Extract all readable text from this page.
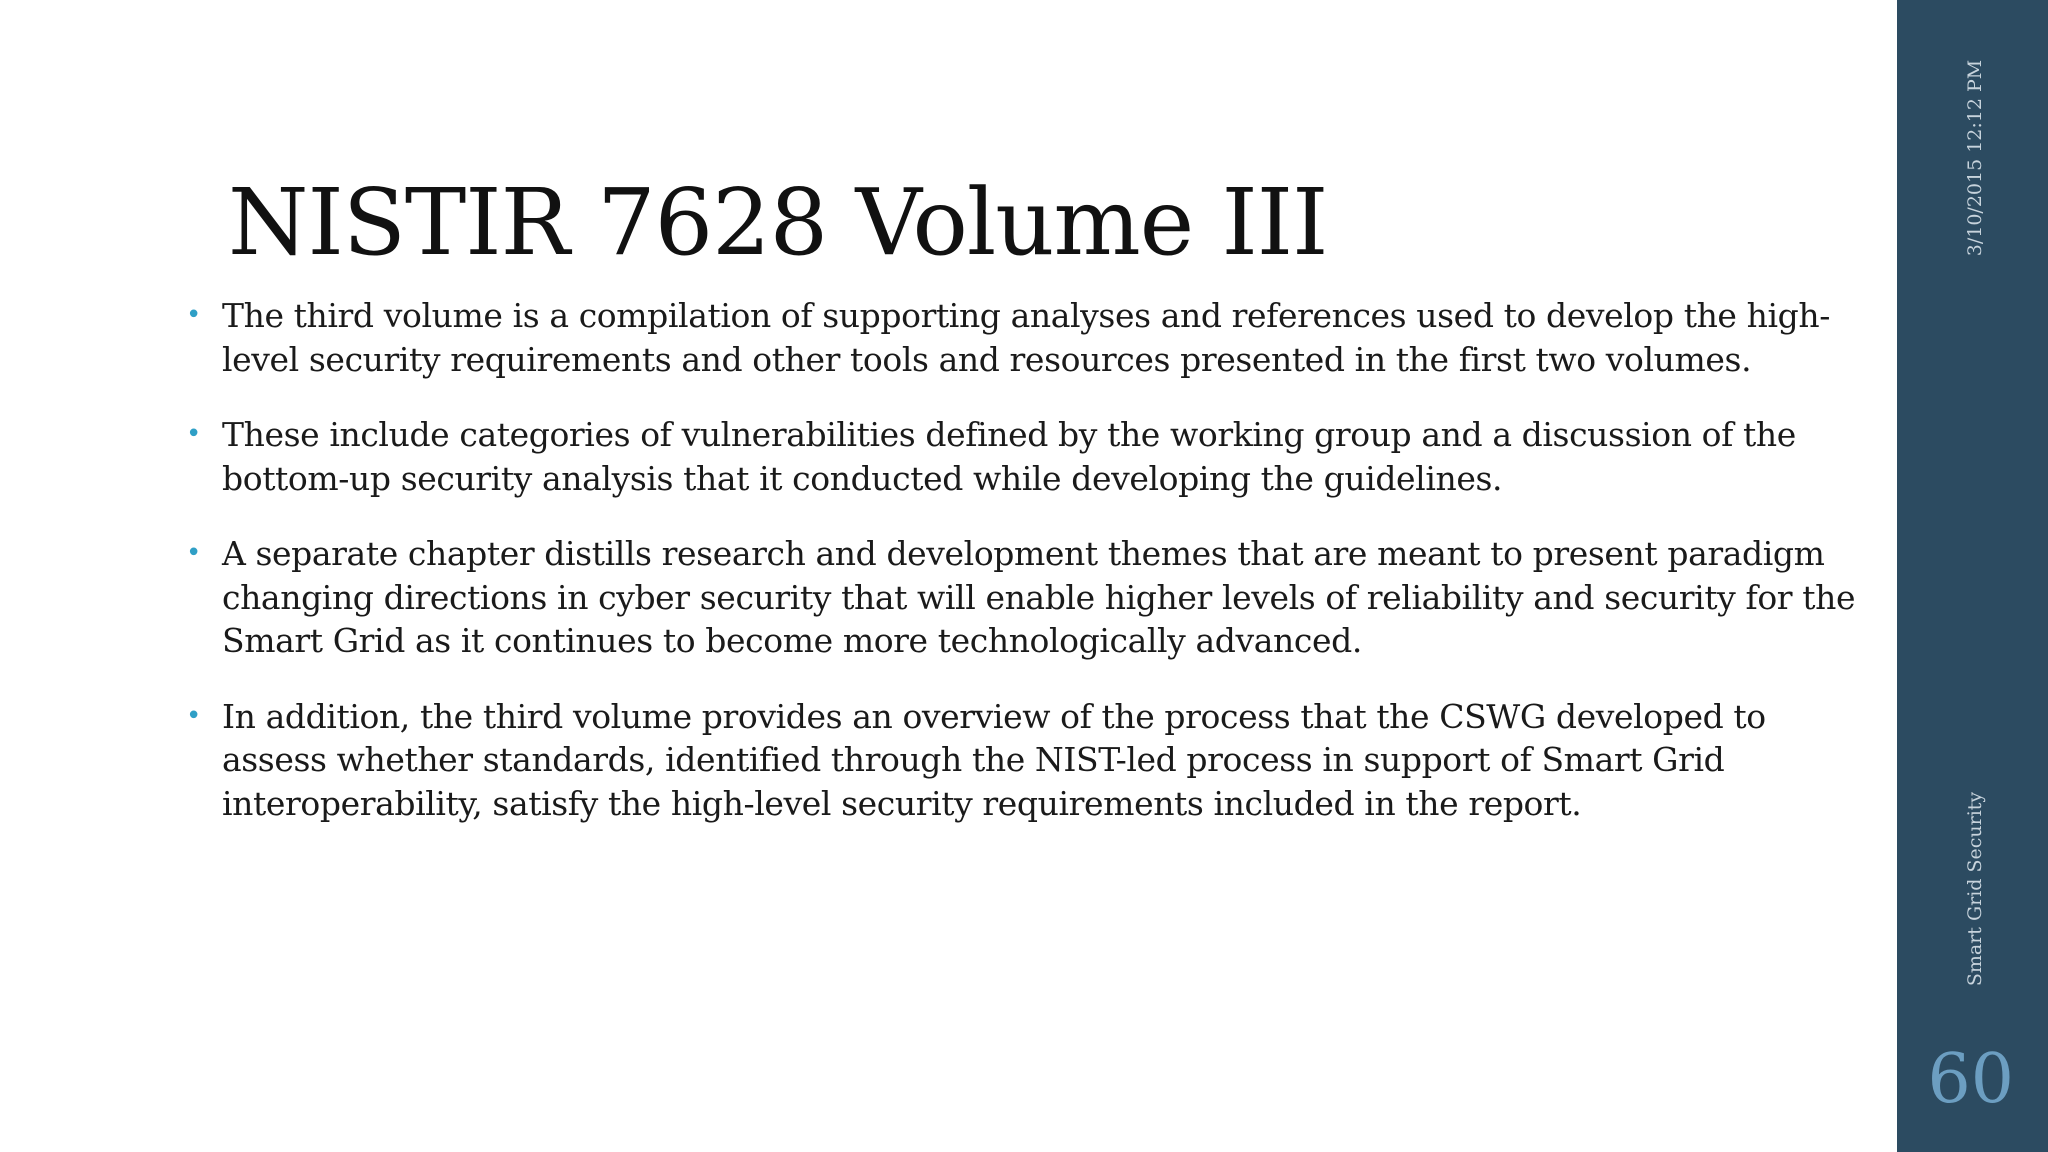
NISTIR 7628 Volume III
• The third volume is a compilation of supporting analyses and references used to develop the high-level security requirements and other tools and resources presented in the first two volumes.
• These include categories of vulnerabilities defined by the working group and a discussion of the bottom-up security analysis that it conducted while developing the guidelines.
• A separate chapter distills research and development themes that are meant to present paradigm changing directions in cyber security that will enable higher levels of reliability and security for the Smart Grid as it continues to become more technologically advanced.
• In addition, the third volume provides an overview of the process that the CSWG developed to assess whether standards, identified through the NIST-led process in support of Smart Grid interoperability, satisfy the high-level security requirements included in the report.
3/10/2015 12:12 PM
Smart Grid Security
60
